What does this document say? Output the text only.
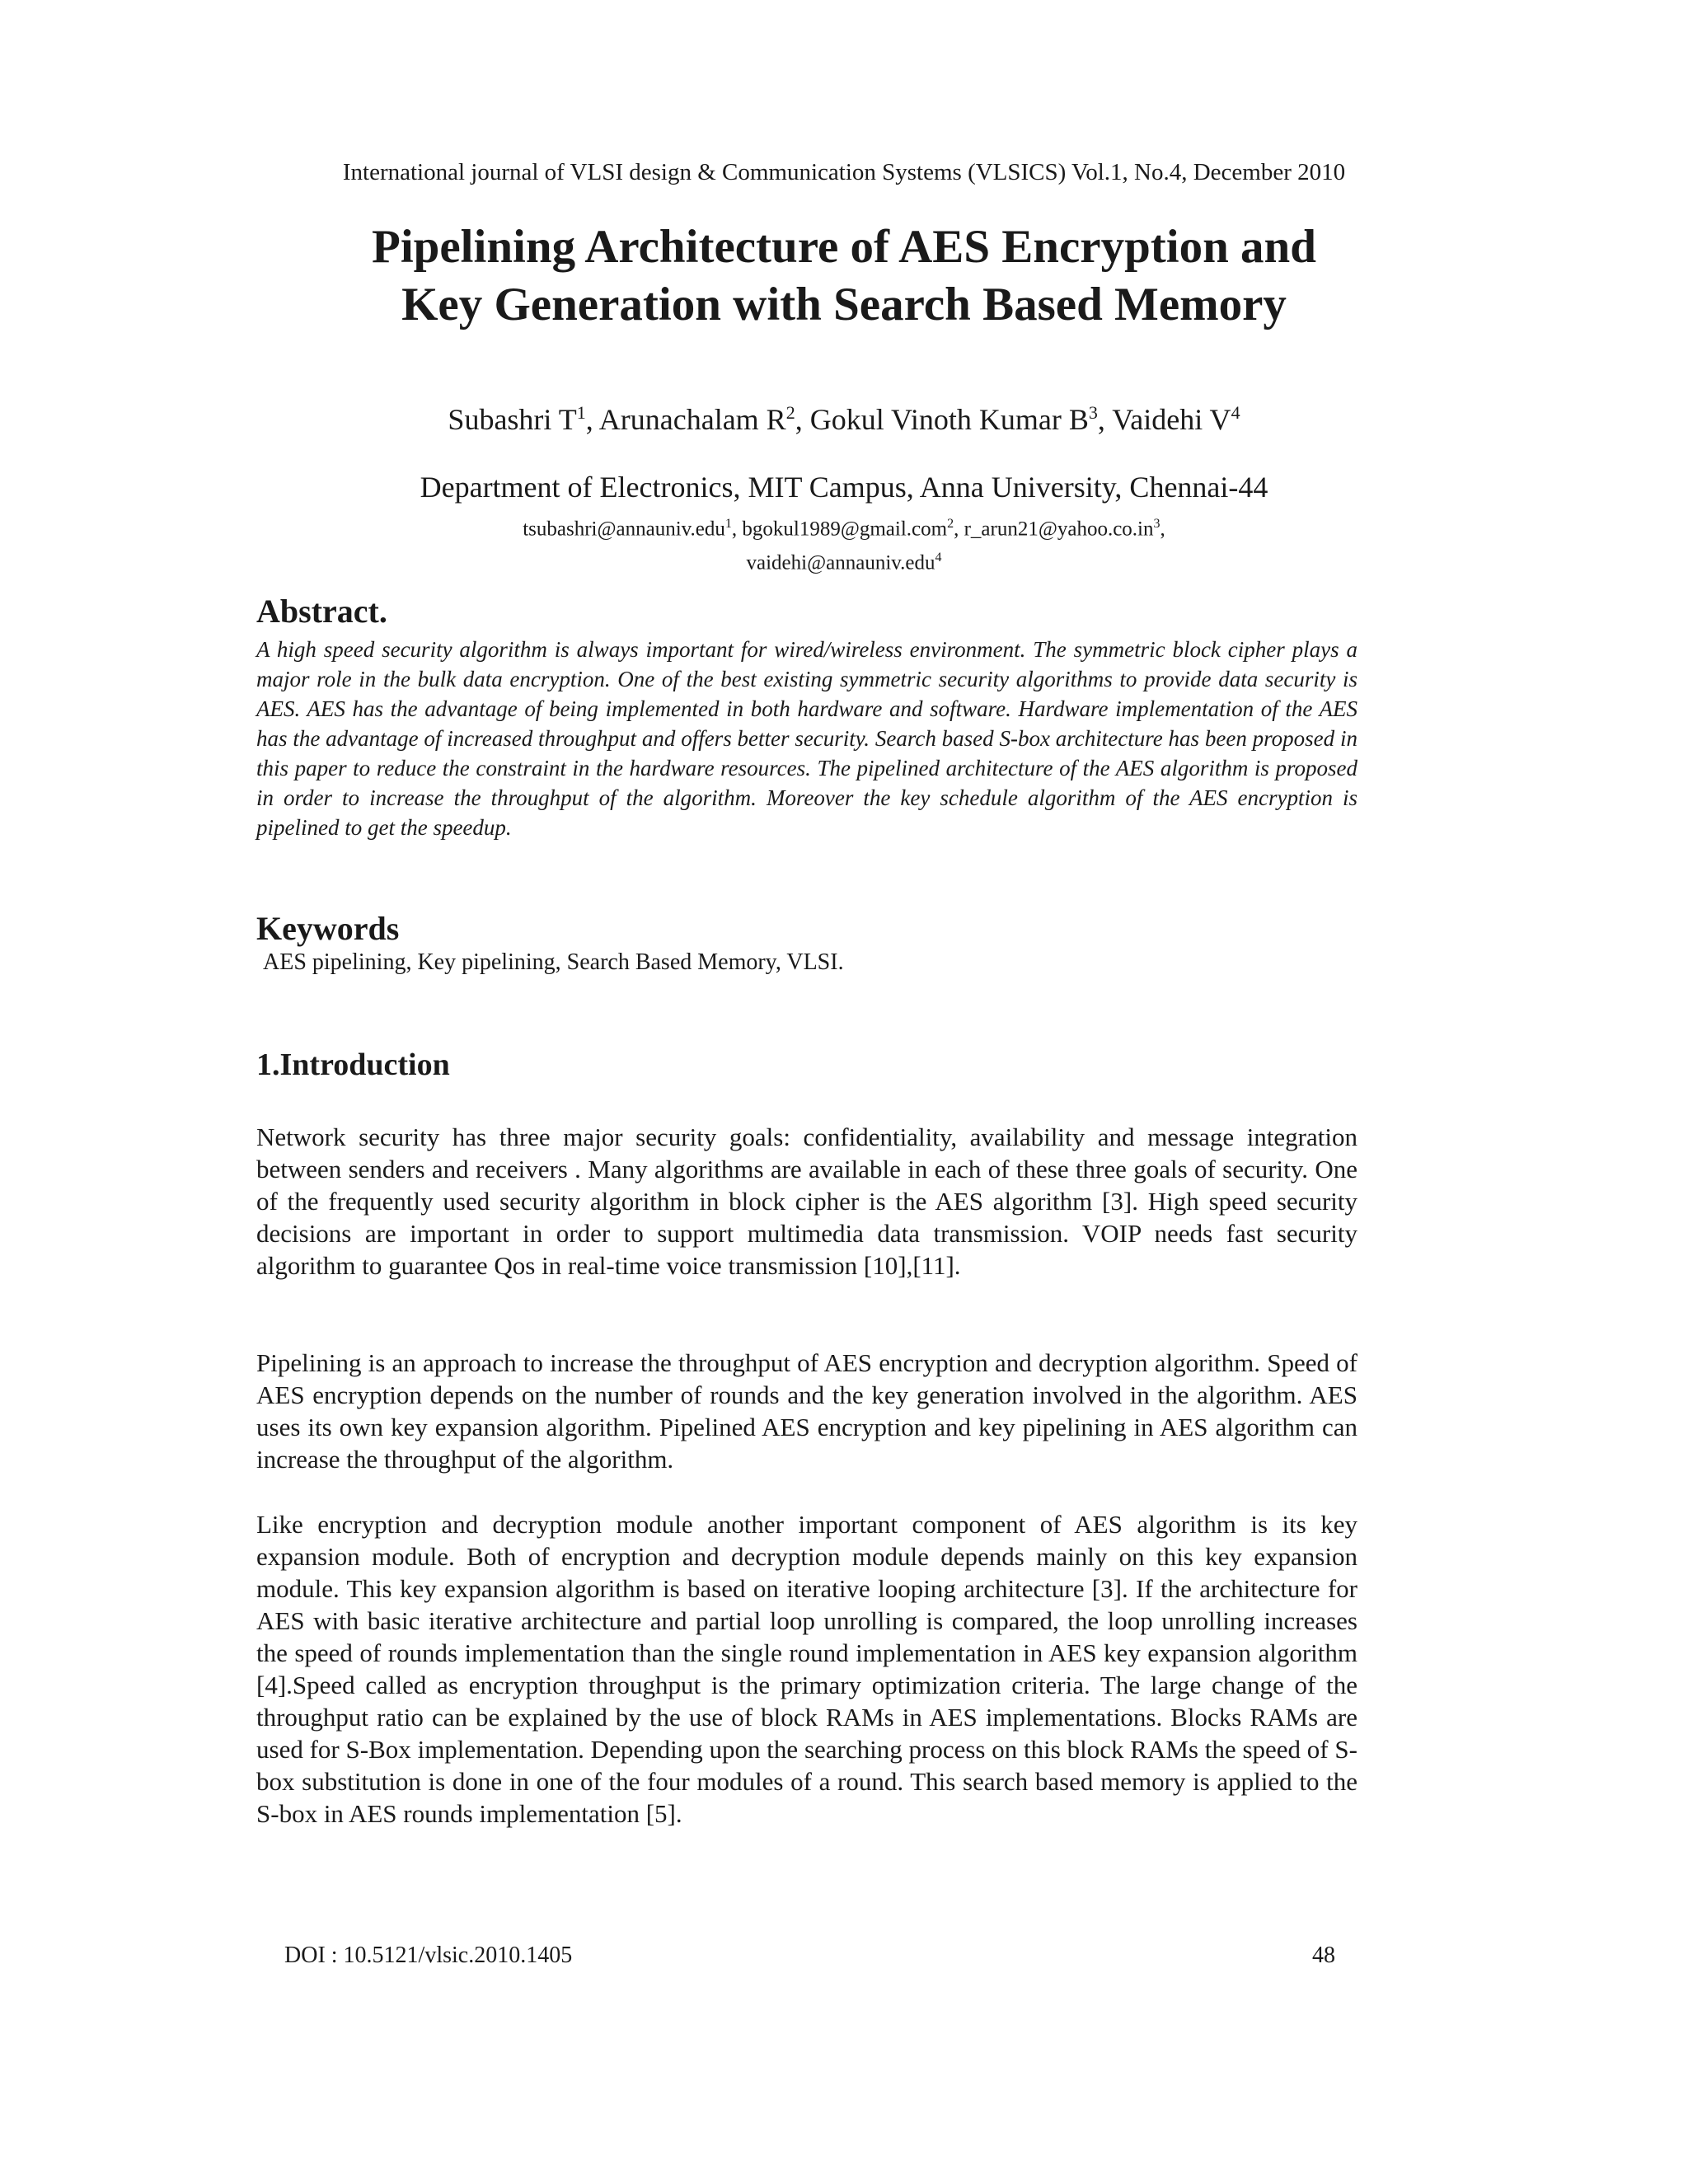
International journal of VLSI design & Communication Systems (VLSICS) Vol.1, No.4, December 2010
Pipelining Architecture of AES Encryption and
Key Generation with Search Based Memory
Subashri $T^1$, Arunachalam $R^2$, Gokul Vinoth Kumar $B^3$, Vaidehi $V^4$
Department of Electronics, MIT Campus, Anna University, Chennai-44
tsubashri@annauniv.edu$^1$, bgokul1989@gmail.com$^2$, $r\_arun21@yahoo.co.in^3$,
vaidehi@annauniv.edu$^4$
Abstract.
A high speed security algorithm is always important for wired/wireless environment. The symmetric block cipher plays a major role in the bulk data encryption. One of the best existing symmetric security algorithms to provide data security is AES. AES has the advantage of being implemented in both hardware and software. Hardware implementation of the AES has the advantage of increased throughput and offers better security. Search based S-box architecture has been proposed in this paper to reduce the constraint in the hardware resources. The pipelined architecture of the AES algorithm is proposed in order to increase the throughput of the algorithm. Moreover the key schedule algorithm of the AES encryption is pipelined to get the speedup.
Keywords
AES pipelining, Key pipelining, Search Based Memory, VLSI.
1.Introduction
Network security has three major security goals: confidentiality, availability and message integration between senders and receivers . Many algorithms are available in each of these three goals of security. One of the frequently used security algorithm in block cipher is the AES algorithm [3]. High speed security decisions are important in order to support multimedia data transmission. VOIP needs fast security algorithm to guarantee Qos in real-time voice transmission [10],[11].
Pipelining is an approach to increase the throughput of AES encryption and decryption algorithm. Speed of AES encryption depends on the number of rounds and the key generation involved in the algorithm. AES uses its own key expansion algorithm. Pipelined AES encryption and key pipelining in AES algorithm can increase the throughput of the algorithm.
Like encryption and decryption module another important component of AES algorithm is its key expansion module. Both of encryption and decryption module depends mainly on this key expansion module. This key expansion algorithm is based on iterative looping architecture [3]. If the architecture for AES with basic iterative architecture and partial loop unrolling is compared, the loop unrolling increases the speed of rounds implementation than the single round implementation in AES key expansion algorithm [4].Speed called as encryption throughput is the primary optimization criteria. The large change of the throughput ratio can be explained by the use of block RAMs in AES implementations. Blocks RAMs are used for S-Box implementation. Depending upon the searching process on this block RAMs the speed of S-box substitution is done in one of the four modules of a round. This search based memory is applied to the S-box in AES rounds implementation [5].
DOI : 10.5121/vlsic.2010.1405	48
